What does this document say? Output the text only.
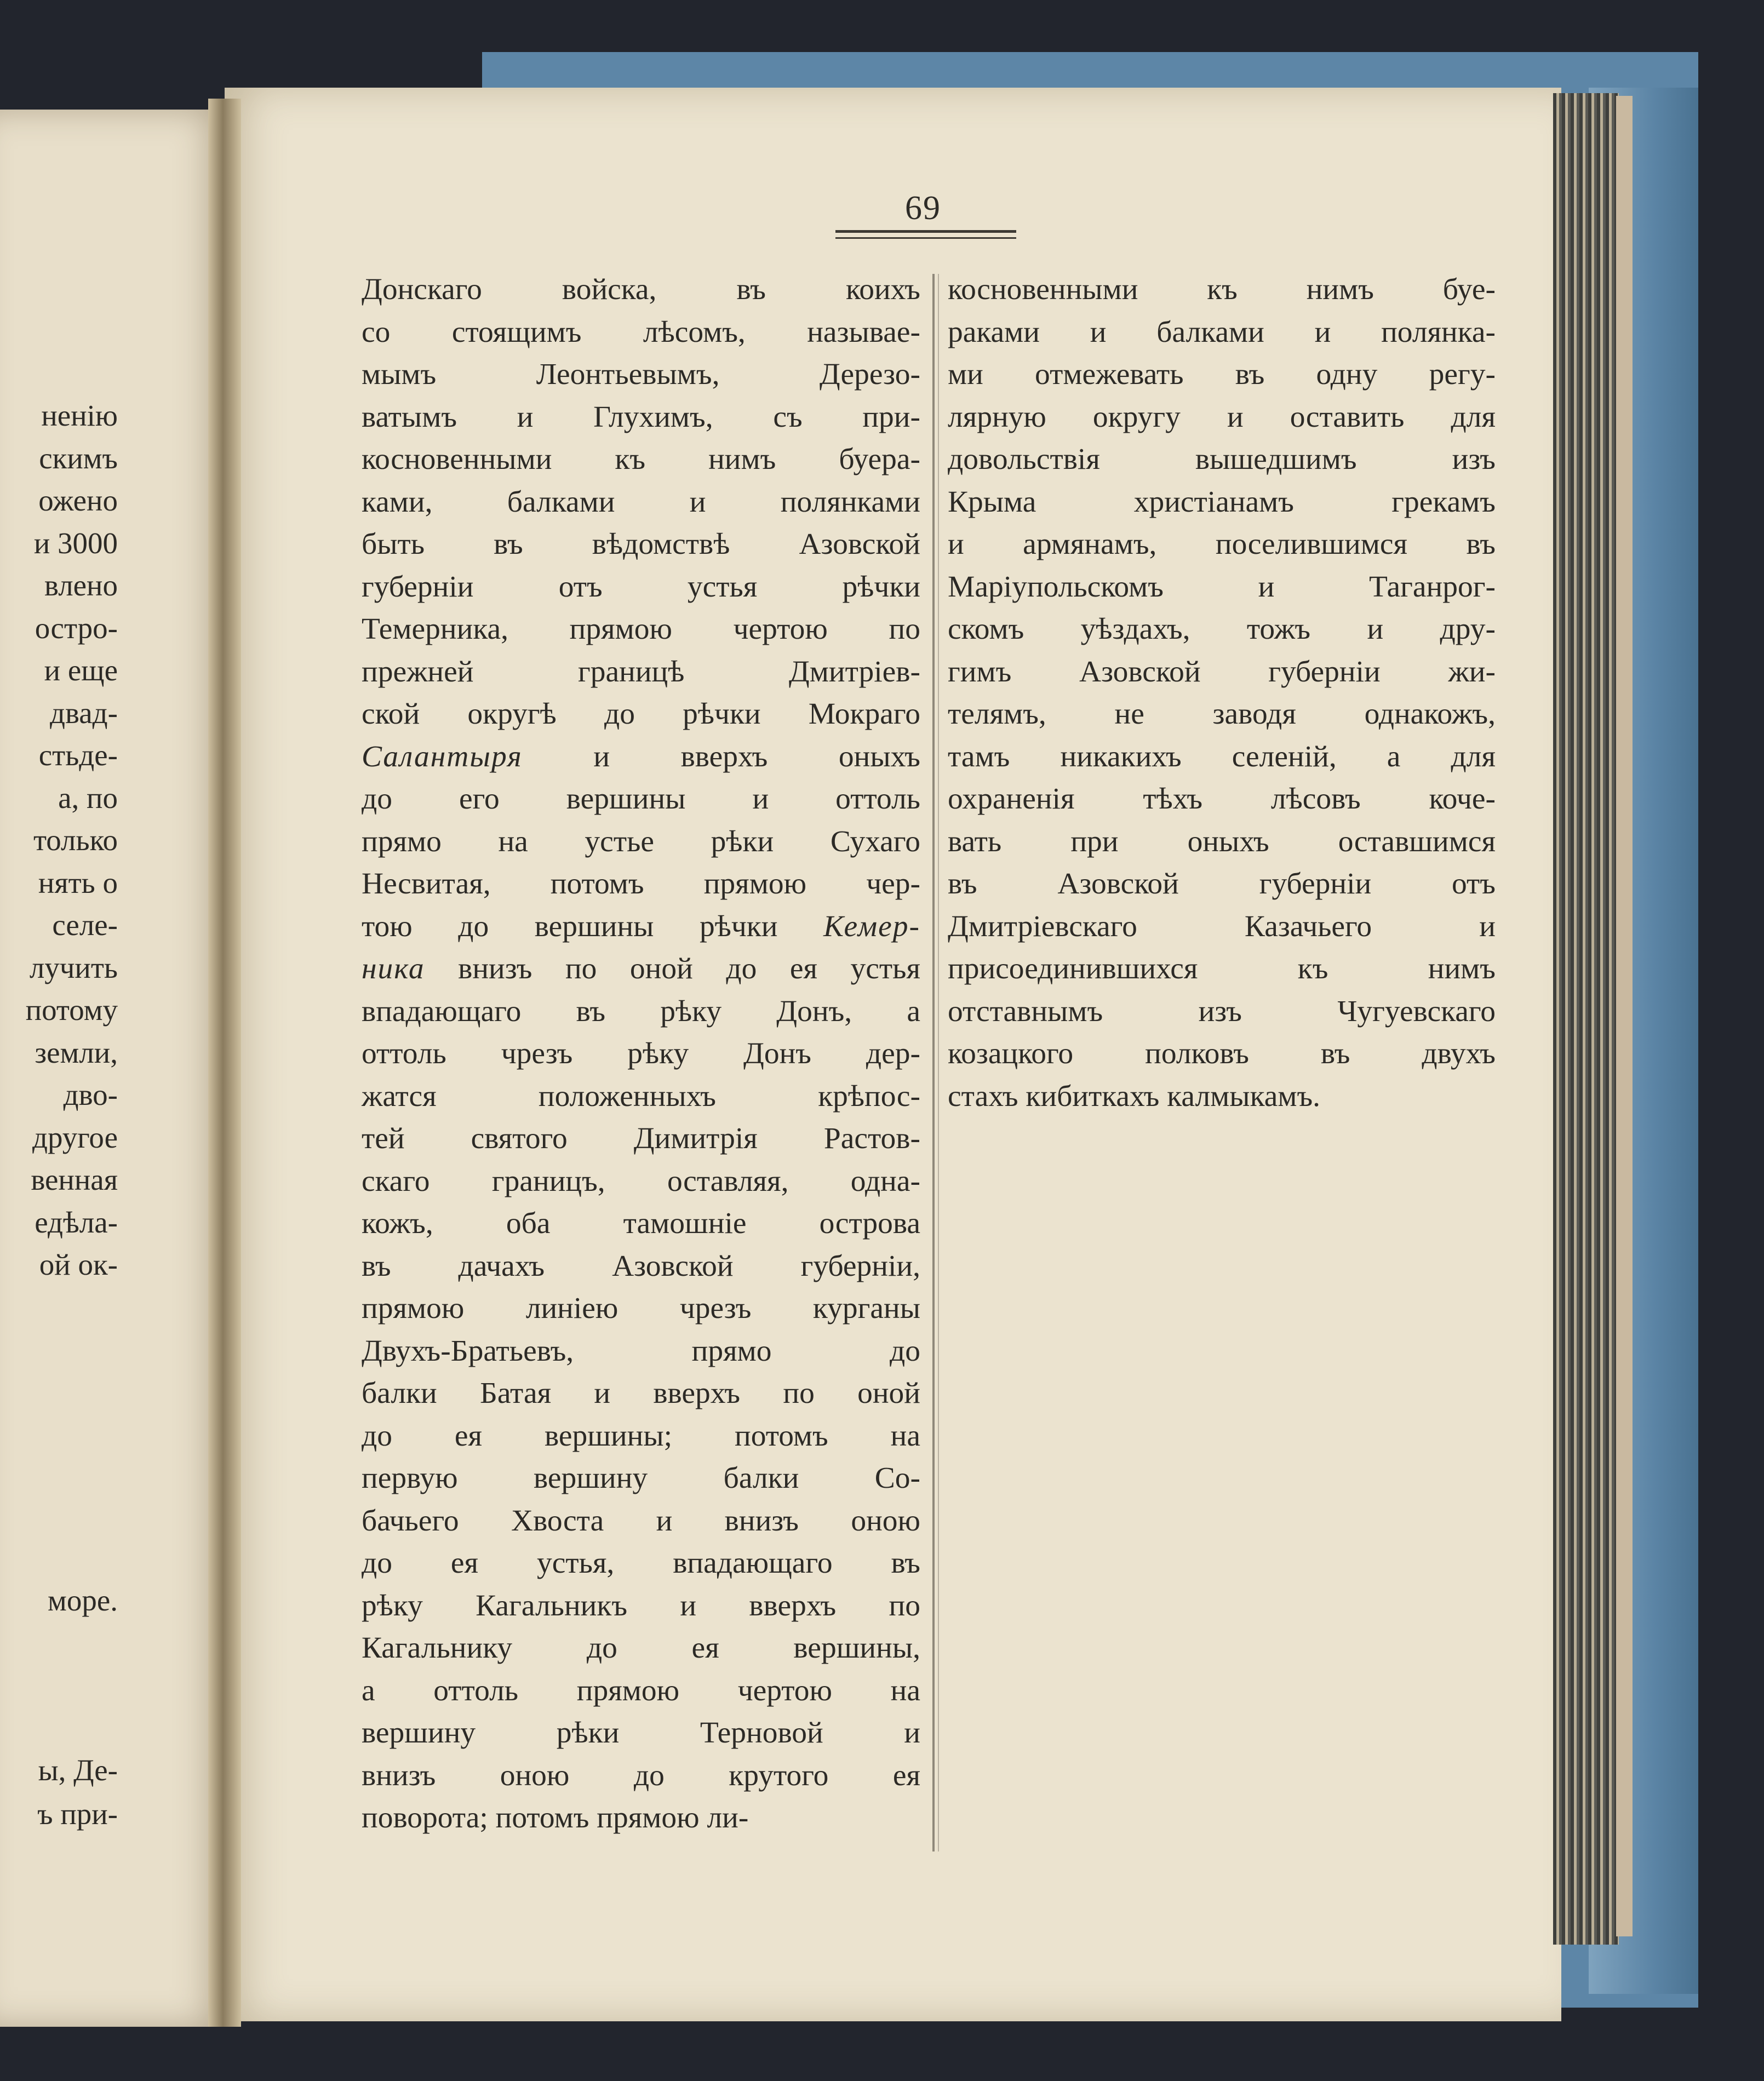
69
Донскаго войска, въ коихъ
со стоящимъ лѣсомъ, называе-
мымъ Леонтьевымъ, Дерезо-
ватымъ и Глухимъ, съ при-
косновенными къ нимъ буера-
ками, балками и полянками
быть въ вѣдомствѣ Азовской
губерніи отъ устья рѣчки
Темерника, прямою чертою по
прежней границѣ Дмитріев-
ской округѣ до рѣчки Мокраго
Салантыря и вверхъ оныхъ
до его вершины и оттоль
прямо на устье рѣки Сухаго
Несвитая, потомъ прямою чер-
тою до вершины рѣчки Кемер-
ника внизъ по оной до ея устья
впадающаго въ рѣку Донъ, а
оттоль чрезъ рѣку Донъ дер-
жатся положенныхъ крѣпос-
тей святого Димитрія Растов-
скаго границъ, оставляя, одна-
кожъ, оба тамошніе острова
въ дачахъ Азовской губерніи,
прямою линіею чрезъ курганы
Двухъ-Братьевъ, прямо до
балки Батая и вверхъ по оной
до ея вершины; потомъ на
первую вершину балки Со-
бачьего Хвоста и внизъ оною
до ея устья, впадающаго въ
рѣку Кагальникъ и вверхъ по
Кагальнику до ея вершины,
а оттоль прямою чертою на
вершину рѣки Терновой и
внизъ оною до крутого ея
поворота; потомъ прямою ли-
косновенными къ нимъ буе-
раками и балками и полянка-
ми отмежевать въ одну регу-
лярную округу и оставить для
довольствія вышедшимъ изъ
Крыма христіанамъ грекамъ
и армянамъ, поселившимся въ
Маріупольскомъ и Таганрог-
скомъ уѣздахъ, тожъ и дру-
гимъ Азовской губерніи жи-
телямъ, не заводя однакожъ,
тамъ никакихъ селеній, а для
охраненія тѣхъ лѣсовъ коче-
вать при оныхъ оставшимся
въ Азовской губерніи отъ
Дмитріевскаго Казачьего и
присоединившихся къ нимъ
отставнымъ изъ Чугуевскаго
козацкого полковъ въ двухъ
стахъ кибиткахъ калмыкамъ.
ненію
скимъ
ожено
и 3000
влено
остро-
и еще
двад-
стьде-
а, по
только
нять о
селе-
лучить
потому
земли,
дво-
другое
венная
едѣла-
ой ок-
море.
ы, Де-
ъ при-
